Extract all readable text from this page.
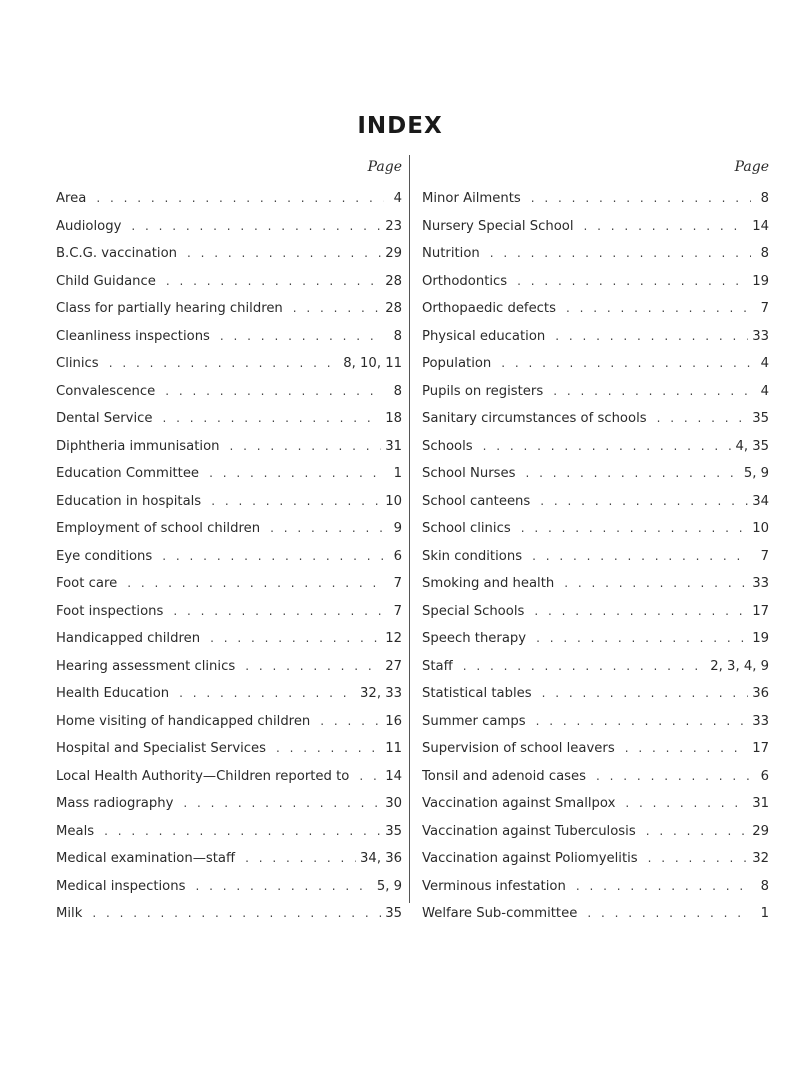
INDEX
Page
Area . . .	4
Audiology . . .	23
B.C.G. vaccination . . .	29
Child Guidance . . .	28
Class for partially hearing children . . .	28
Cleanliness inspections . . .	8
Clinics . . .	8, 10, 11
Convalescence . . .	8
Dental Service . . .	18
Diphtheria immunisation . . .	31
Education Committee . . .	1
Education in hospitals . . .	10
Employment of school children . . .	9
Eye conditions . . .	6
Foot care . . .	7
Foot inspections . . .	7
Handicapped children . . .	12
Hearing assessment clinics . . .	27
Health Education . . .	32, 33
Home visiting of handicapped children . . .	16
Hospital and Specialist Services . . .	11
Local Health Authority—Children reported to . . .	14
Mass radiography . . .	30
Meals . . .	35
Medical examination—staff . . .	34, 36
Medical inspections . . .	5, 9
Milk . . .	35
Page
Minor Ailments . . .	8
Nursery Special School . . .	14
Nutrition . . .	8
Orthodontics . . .	19
Orthopaedic defects . . .	7
Physical education . . .	33
Population . . .	4
Pupils on registers . . .	4
Sanitary circumstances of schools . . .	35
Schools . . .	4, 35
School Nurses . . .	5, 9
School canteens . . .	34
School clinics . . .	10
Skin conditions . . .	7
Smoking and health . . .	33
Special Schools . . .	17
Speech therapy . . .	19
Staff . . .	2, 3, 4, 9
Statistical tables . . .	36
Summer camps . . .	33
Supervision of school leavers . . .	17
Tonsil and adenoid cases . . .	6
Vaccination against Smallpox . . .	31
Vaccination against Tuberculosis . . .	29
Vaccination against Poliomyelitis . . .	32
Verminous infestation . . .	8
Welfare Sub-committee . . .	1
